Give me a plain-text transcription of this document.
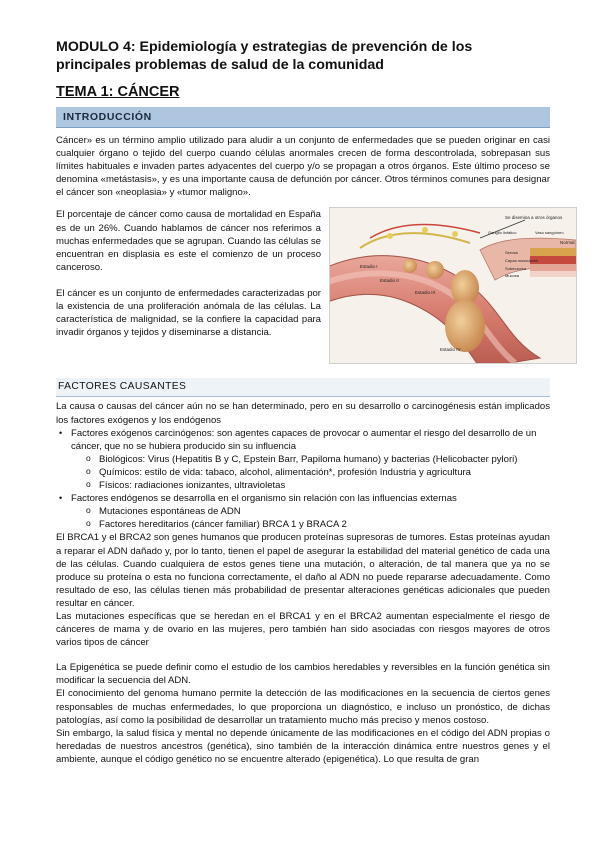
MODULO 4: Epidemiología y estrategias de prevención de los principales problemas de salud de la comunidad
TEMA 1: CÁNCER
INTRODUCCIÓN

Cáncer» es un término amplio utilizado para aludir a un conjunto de enfermedades que se pueden originar en casi cualquier órgano o tejido del cuerpo cuando células anormales crecen de forma descontrolada, sobrepasan sus límites habituales e invaden partes adyacentes del cuerpo y/o se propagan a otros órganos. Este último proceso se denomina «metástasis», y es una importante causa de defunción por cáncer. Otros términos comunes para designar el cáncer son «neoplasia» y «tumor maligno».

El porcentaje de cáncer como causa de mortalidad en España es de un 26%. Cuando hablamos de cáncer nos referimos a muchas enfermedades que se agrupan. Cuando las células se encuentran en displasia es este el comienzo de un proceso canceroso.

El cáncer es un conjunto de enfermedades caracterizadas por la existencia de una proliferación anómala de las células. La característica de malignidad, se la confiere la capacidad para invadir órganos y tejidos y diseminarse a distancia.

Se disemina a otros órganos
Normal
Ganglio linfático	Vaso sanguíneo
Serosa
Capas musculares
Submucosa
Mucosa
Estadio I
Estadio II
Estadio III
Estadio IV
FACTORES CAUSANTES

La causa o causas del cáncer aún no se han determinado, pero en su desarrollo o carcinogénesis están implicados los factores exógenos y los endógenos

• Factores exógenos carcinógenos: son agentes capaces de provocar o aumentar el riesgo del desarrollo de un cáncer, que no se hubiera producido sin su influencia
o Biológicos: Virus (Hepatitis B y C, Epstein Barr, Papiloma humano) y bacterias (Helicobacter pylori)
o Químicos: estilo de vida: tabaco, alcohol, alimentación*, profesión Industria y agricultura
o Físicos: radiaciones ionizantes, ultravioletas
• Factores endógenos se desarrolla en el organismo sin relación con las influencias externas
o Mutaciones espontáneas de ADN
o Factores hereditarios (cáncer familiar) BRCA 1 y BRACA 2

El BRCA1 y el BRCA2 son genes humanos que producen proteínas supresoras de tumores. Estas proteínas ayudan a reparar el ADN dañado y, por lo tanto, tienen el papel de asegurar la estabilidad del material genético de cada una de las células. Cuando cualquiera de estos genes tiene una mutación, o alteración, de tal manera que ya no se produce su proteína o esta no funciona correctamente, el daño al ADN no puede repararse adecuadamente. Como resultado de eso, las células tienen más probabilidad de presentar alteraciones genéticas adicionales que pueden resultar en cáncer.

Las mutaciones específicas que se heredan en el BRCA1 y en el BRCA2 aumentan especialmente el riesgo de cánceres de mama y de ovario en las mujeres, pero también han sido asociadas con riesgos mayores de otros varios tipos de cáncer

La Epigenética se puede definir como el estudio de los cambios heredables y reversibles en la función genética sin modificar la secuencia del ADN.

El conocimiento del genoma humano permite la detección de las modificaciones en la secuencia de ciertos genes responsables de muchas enfermedades, lo que proporciona un diagnóstico, e incluso un pronóstico, de dichas patologías, así como la posibilidad de desarrollar un tratamiento mucho más preciso y menos costoso.

Sin embargo, la salud física y mental no depende únicamente de las modificaciones en el código del ADN propias o heredadas de nuestros ancestros (genética), sino también de la interacción dinámica entre nuestros genes y el ambiente, aunque el código genético no se encuentre alterado (epigenética). Lo que resulta de gran
